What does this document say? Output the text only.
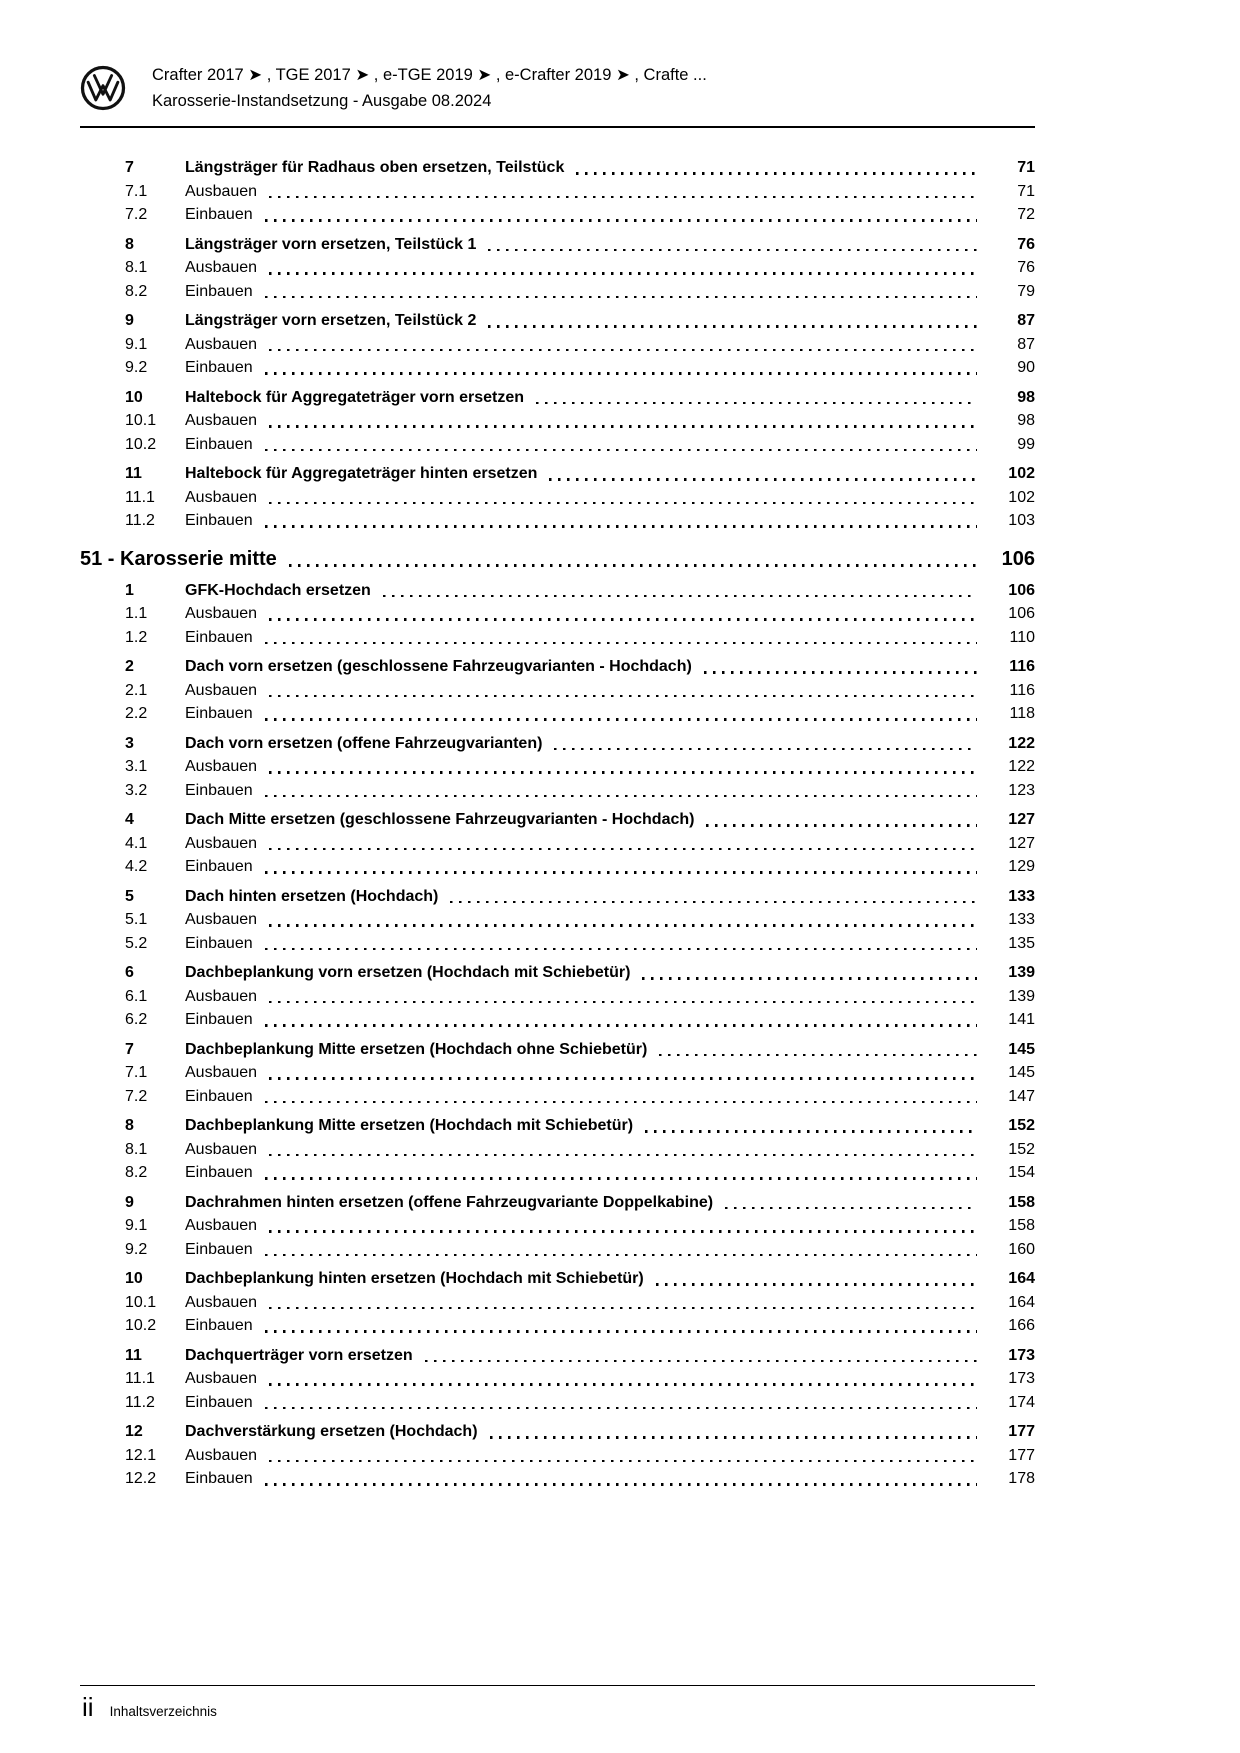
Crafter 2017 ➤ , TGE 2017 ➤ , e-TGE 2019 ➤ , e-Crafter 2019 ➤ , Crafte ...
Karosserie-Instandsetzung - Ausgabe 08.2024
7	Längsträger für Radhaus oben ersetzen, Teilstück	71
7.1	Ausbauen	71
7.2	Einbauen	72
8	Längsträger vorn ersetzen, Teilstück 1	76
8.1	Ausbauen	76
8.2	Einbauen	79
9	Längsträger vorn ersetzen, Teilstück 2	87
9.1	Ausbauen	87
9.2	Einbauen	90
10	Haltebock für Aggregateträger vorn ersetzen	98
10.1	Ausbauen	98
10.2	Einbauen	99
11	Haltebock für Aggregateträger hinten ersetzen	102
11.1	Ausbauen	102
11.2	Einbauen	103
51 - Karosserie mitte	106
1	GFK-Hochdach ersetzen	106
1.1	Ausbauen	106
1.2	Einbauen	110
2	Dach vorn ersetzen (geschlossene Fahrzeugvarianten - Hochdach)	116
2.1	Ausbauen	116
2.2	Einbauen	118
3	Dach vorn ersetzen (offene Fahrzeugvarianten)	122
3.1	Ausbauen	122
3.2	Einbauen	123
4	Dach Mitte ersetzen (geschlossene Fahrzeugvarianten - Hochdach)	127
4.1	Ausbauen	127
4.2	Einbauen	129
5	Dach hinten ersetzen (Hochdach)	133
5.1	Ausbauen	133
5.2	Einbauen	135
6	Dachbeplankung vorn ersetzen (Hochdach mit Schiebetür)	139
6.1	Ausbauen	139
6.2	Einbauen	141
7	Dachbeplankung Mitte ersetzen (Hochdach ohne Schiebetür)	145
7.1	Ausbauen	145
7.2	Einbauen	147
8	Dachbeplankung Mitte ersetzen (Hochdach mit Schiebetür)	152
8.1	Ausbauen	152
8.2	Einbauen	154
9	Dachrahmen hinten ersetzen (offene Fahrzeugvariante Doppelkabine)	158
9.1	Ausbauen	158
9.2	Einbauen	160
10	Dachbeplankung hinten ersetzen (Hochdach mit Schiebetür)	164
10.1	Ausbauen	164
10.2	Einbauen	166
11	Dachquerträger vorn ersetzen	173
11.1	Ausbauen	173
11.2	Einbauen	174
12	Dachverstärkung ersetzen (Hochdach)	177
12.1	Ausbauen	177
12.2	Einbauen	178
ii Inhaltsverzeichnis
